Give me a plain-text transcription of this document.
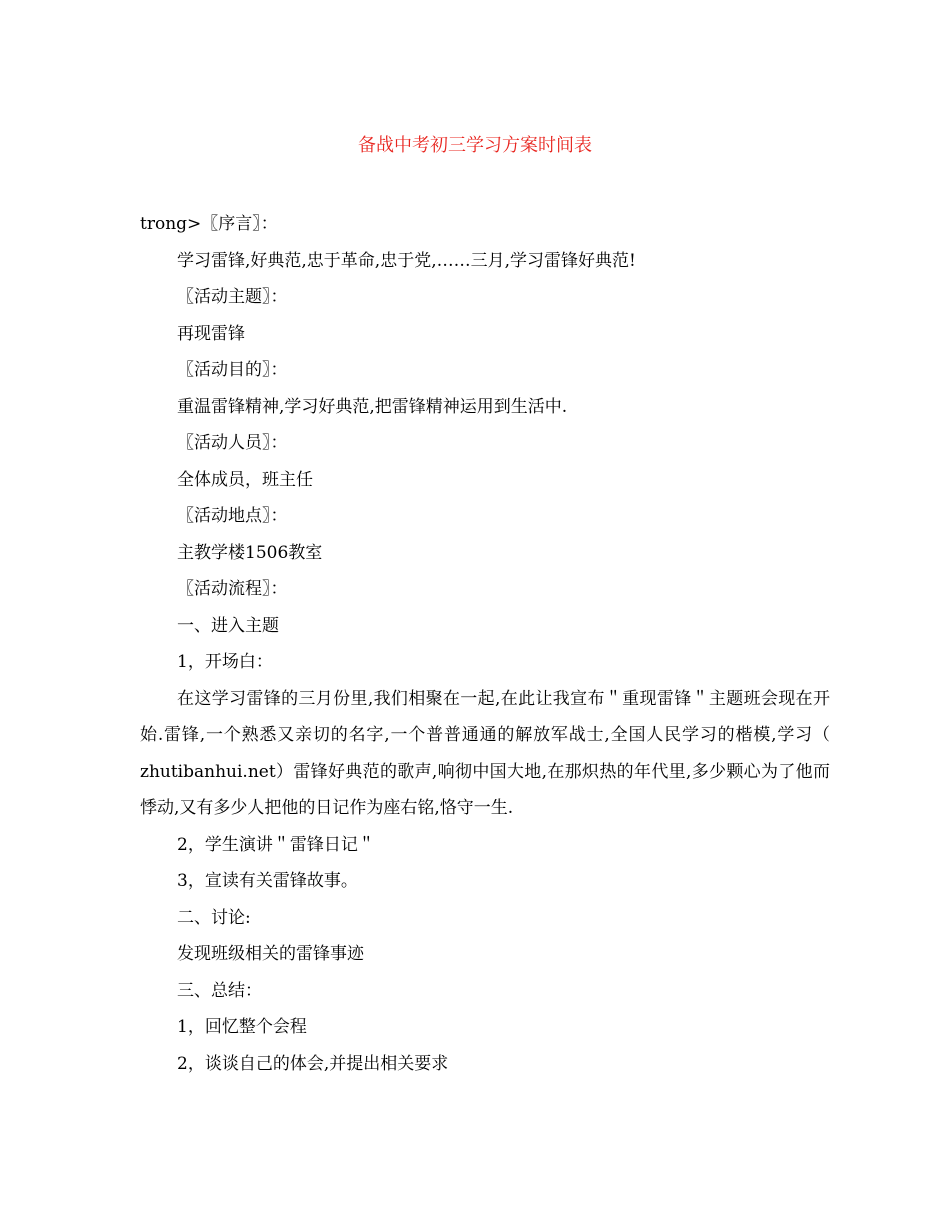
备战中考初三学习方案时间表

trong>〖序言〗：

学习雷锋,好典范,忠于革命,忠于党,……三月,学习雷锋好典范!

〖活动主题〗：

再现雷锋

〖活动目的〗：

重温雷锋精神,学习好典范,把雷锋精神运用到生活中.

〖活动人员〗：

全体成员，班主任

〖活动地点〗：

主教学楼1506教室

〖活动流程〗：

一、进入主题

1，开场白：

在这学习雷锋的三月份里,我们相聚在一起,在此让我宣布＂重现雷锋＂主题班会现在开始.雷锋,一个熟悉又亲切的名字,一个普普通通的解放军战士,全国人民学习的楷模,学习（　zhutibanhui.net）雷锋好典范的歌声,响彻中国大地,在那炽热的年代里,多少颗心为了他而悸动,又有多少人把他的日记作为座右铭,恪守一生.

2，学生演讲＂雷锋日记＂

3，宣读有关雷锋故事。

二、讨论:

发现班级相关的雷锋事迹

三、总结：

1，回忆整个会程

2，谈谈自己的体会,并提出相关要求
